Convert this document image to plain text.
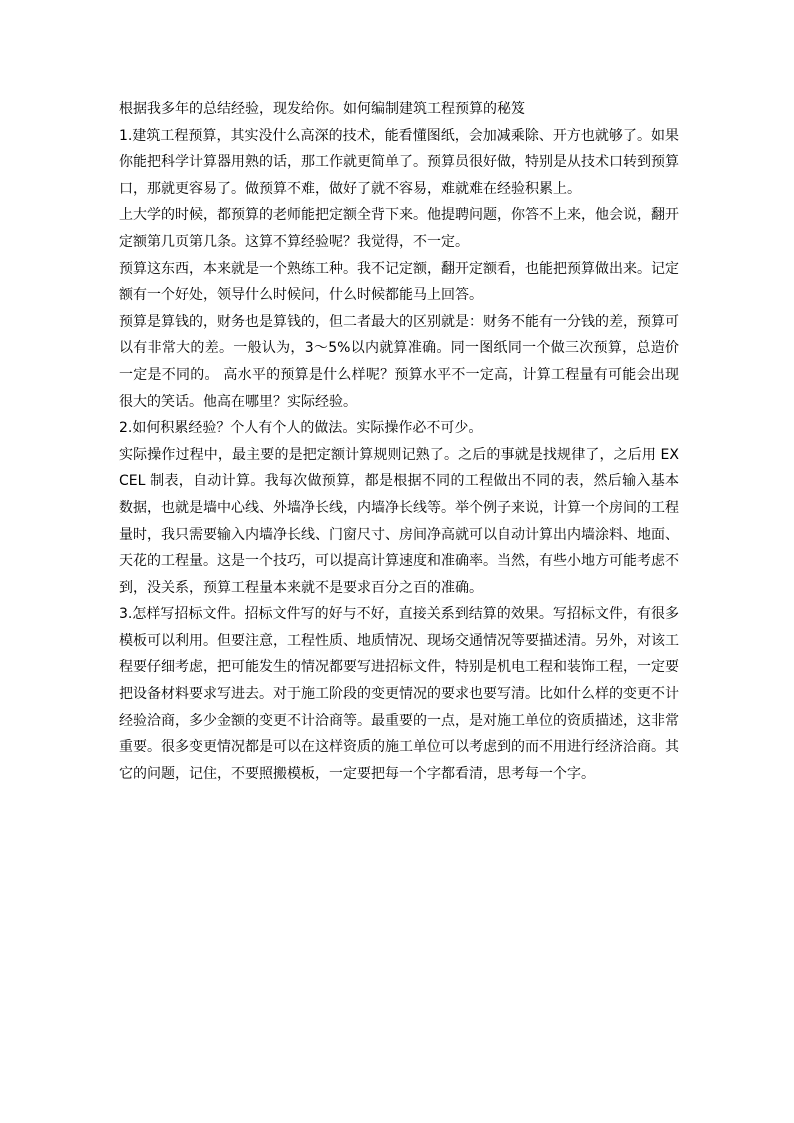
根据我多年的总结经验，现发给你。如何编制建筑工程预算的秘笈

1.建筑工程预算，其实没什么高深的技术，能看懂图纸，会加减乘除、开方也就够了。如果你能把科学计算器用熟的话，那工作就更简单了。预算员很好做，特别是从技术口转到预算口，那就更容易了。做预算不难，做好了就不容易，难就难在经验积累上。

上大学的时候，都预算的老师能把定额全背下来。他提聘问题，你答不上来，他会说，翻开定额第几页第几条。这算不算经验呢？我觉得，不一定。

预算这东西，本来就是一个熟练工种。我不记定额，翻开定额看，也能把预算做出来。记定额有一个好处，领导什么时候问，什么时候都能马上回答。

预算是算钱的，财务也是算钱的，但二者最大的区别就是：财务不能有一分钱的差，预算可以有非常大的差。一般认为，3～5%以内就算准确。同一图纸同一个做三次预算，总造价一定是不同的。 高水平的预算是什么样呢？预算水平不一定高，计算工程量有可能会出现很大的笑话。他高在哪里？实际经验。

2.如何积累经验？个人有个人的做法。实际操作必不可少。

实际操作过程中，最主要的是把定额计算规则记熟了。之后的事就是找规律了，之后用 EXCEL 制表，自动计算。我每次做预算，都是根据不同的工程做出不同的表，然后输入基本数据，也就是墙中心线、外墙净长线，内墙净长线等。举个例子来说，计算一个房间的工程量时，我只需要输入内墙净长线、门窗尺寸、房间净高就可以自动计算出内墙涂料、地面、天花的工程量。这是一个技巧，可以提高计算速度和准确率。当然，有些小地方可能考虑不到，没关系，预算工程量本来就不是要求百分之百的准确。

3.怎样写招标文件。招标文件写的好与不好，直接关系到结算的效果。写招标文件，有很多模板可以利用。但要注意，工程性质、地质情况、现场交通情况等要描述清。另外，对该工程要仔细考虑，把可能发生的情况都要写进招标文件，特别是机电工程和装饰工程，一定要把设备材料要求写进去。对于施工阶段的变更情况的要求也要写清。比如什么样的变更不计经验洽商，多少金额的变更不计洽商等。最重要的一点，是对施工单位的资质描述，这非常重要。很多变更情况都是可以在这样资质的施工单位可以考虑到的而不用进行经济洽商。其它的问题，记住，不要照搬模板，一定要把每一个字都看清，思考每一个字。
